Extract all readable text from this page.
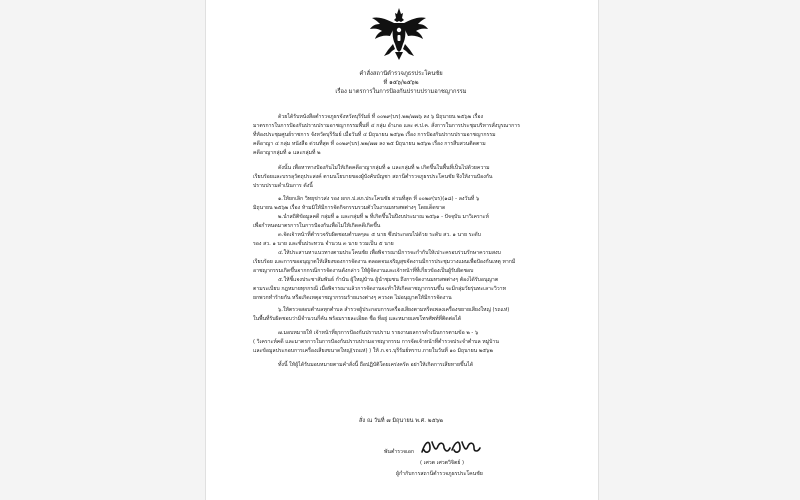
คำสั่งสถานีตำรวจภูธรประโคนชัย
ที่ ๑๕๖/๒๕๖๒
เรื่อง มาตรการในการป้องกันปราบปรามอาชญากรรม
ด้วยได้รับหนังสือตำรวจภูธรจังหวัดบุรีรัมย์ ที่ ๐๐๒๙(บร).๒๒/๗๗๖ ลง ๖ มิถุนายน ๒๕๖๒ เรื่อง
มาตรการในการป้องกันปราบปรามอาชญากรรมพื้นที่ ๔ กลุ่ม อำเภอ และ ศ.ป.ค. สั่งการในการประชุมบริหารสั่งบูรณาการ
ที่ห้องประชุมศูนย์ราชการ จังหวัดบุรีรัมย์ เมื่อวันที่ ๔ มิถุนายน ๒๕๖๒ เรื่อง การป้องกันปราบปรามอาชญากรรม
คดีอาญา ๔ กลุ่ม หนังสือ ด่วนที่สุด ที่ ๐๐๒๙(บร).๒๒/๗๗ ลง ๒๕ มิถุนายน ๒๕๖๒ เรื่อง การสืบสวนติดตาม
คดีอาญากลุ่มที่ ๑ และกลุ่มที่ ๒
ดังนั้น เพื่อหาทางป้องกันไม่ให้เกิดคดีอาญากลุ่มที่ ๑ และกลุ่มที่ ๒ เกิดขึ้นในพื้นที่เป็นไปด้วยความ
เรียบร้อยและบรรลุวัตถุประสงค์ ตามนโยบายของผู้บังคับบัญชา สถานีตำรวจภูธรประโคนชัย จึงให้งานป้องกัน
ปราบปรามดำเนินการ ดังนี้
๑.ให้ยกเลิก วิทยุข่าวส่ง รอง ผกก.ป.สภ.ประโคนชัย ด่วนที่สุด ที่ ๐๐๒๙(บร)(๑๘) - ลงวันที่ ๖
มิถุนายน ๒๕๖๒ เรื่อง ห้ามมิให้มีการจัดกิจกรรมรวมตัวในงานมหรสพต่างๆ โดยเด็ดขาด
๒.นำสถิติข้อมูลคดี กลุ่มที่ ๑ และกลุ่มที่ ๒ ที่เกิดขึ้นในปีงบประมาณ ๒๕๖๑ - ปัจจุบัน มาวิเคราะห์
เพื่อกำหนดมาตรการในการป้องกันเพื่อไม่ให้เกิดคดีเกิดขึ้น
๓.จัดเจ้าหน้าที่ตำรวจรับผิดชอบตำบลๆละ ๕ นาย ซึ่งประกอบไปด้วย ระดับ สว. ๑ นาย ระดับ
รอง สว. ๑ นาย และชั้นประทวน จำนวน ๓ นาย รวมเป็น ๕ นาย
๔.ให้ประสานหาแนวทางตามประโคนชัย เพื่อพิจารณามีการจะกำกับให้เปาะครอบร่วมรักษาความสงบ
เรียบร้อย และการขออนุญาตให้เสียงของการจัดงาน ตลอดจนเจริญสุขจัดงานมีการประชุมวางแผนเพื่อป้องกันเหตุ หากมี
อาชญากรรมเกิดขึ้นจากกรณีการจัดงานดังกล่าว ให้ผู้จัดงานและเจ้าหน้าที่ที่เกี่ยวข้องเป็นผู้รับผิดชอบ
๕.ให้ชี้แจงประชาสัมพันธ์ กำนัน ผู้ใหญ่บ้าน ผู้นำชุมชน ถึงการจัดงานมหรสพต่างๆ ต้องได้รับอนุญาต
ตามระเบียบ กฎหมายทุกกรณี เมื่อพิจารณาแล้วการจัดงานจะทำให้เกิดอาชญากรรมขึ้น จะมีกลุ่มวัยรุ่นทะเลาะวิวาท
ยกพวกทำร้ายกัน หรือเกิดเหตุอาชญากรรมร้ายแรงต่างๆ ควรงด ไม่อนุญาตให้มีการจัดงาน
๖.ให้ตรวจสอบตำบลทุกตำบล สำรวจผู้ประกอบการเครื่องเสียงตามหรีดเพลงเครื่องขยายเสียงใหญ่ (รถแห่)
ในพื้นที่รับผิดชอบว่ามีจำนวนกี่คัน พร้อมรายละเอียด ชื่อ ที่อยู่ และหมายเลขโทรศัพท์ที่ติดต่อได้
๗.มอบหมายให้ เจ้าหน้าที่ธุรการป้องกันปราบปราม รายงานผลการดำเนินการตามข้อ ๒ - ๖
( วิเคราะห์คดี และมาตรการในการป้องกันปราบปรามอาชญากรรม การจัดเจ้าหน้าที่ตำรวจประจำตำบล หมู่บ้าน
และข้อมูลประกอบการเครื่องเสียงขนาดใหญ่(รถแห่) ) ให้ ภ.จว.บุรีรัมย์ทราบ ภายในวันที่ ๑๐ มิถุนายน ๒๕๖๒
ทั้งนี้ ให้ผู้ได้รับมอบหมายตามคำสั่งนี้ ถือปฏิบัติโดยเคร่งครัด อย่าให้เกิดการเสียหายขึ้นได้
สั่ง ณ วันที่ ๗ มิถุนายน พ.ศ. ๒๕๖๒
พันตำรวจเอก
( เศวต เศวตวิจิตย์ )
ผู้กำกับการสถานีตำรวจภูธรประโคนชัย
